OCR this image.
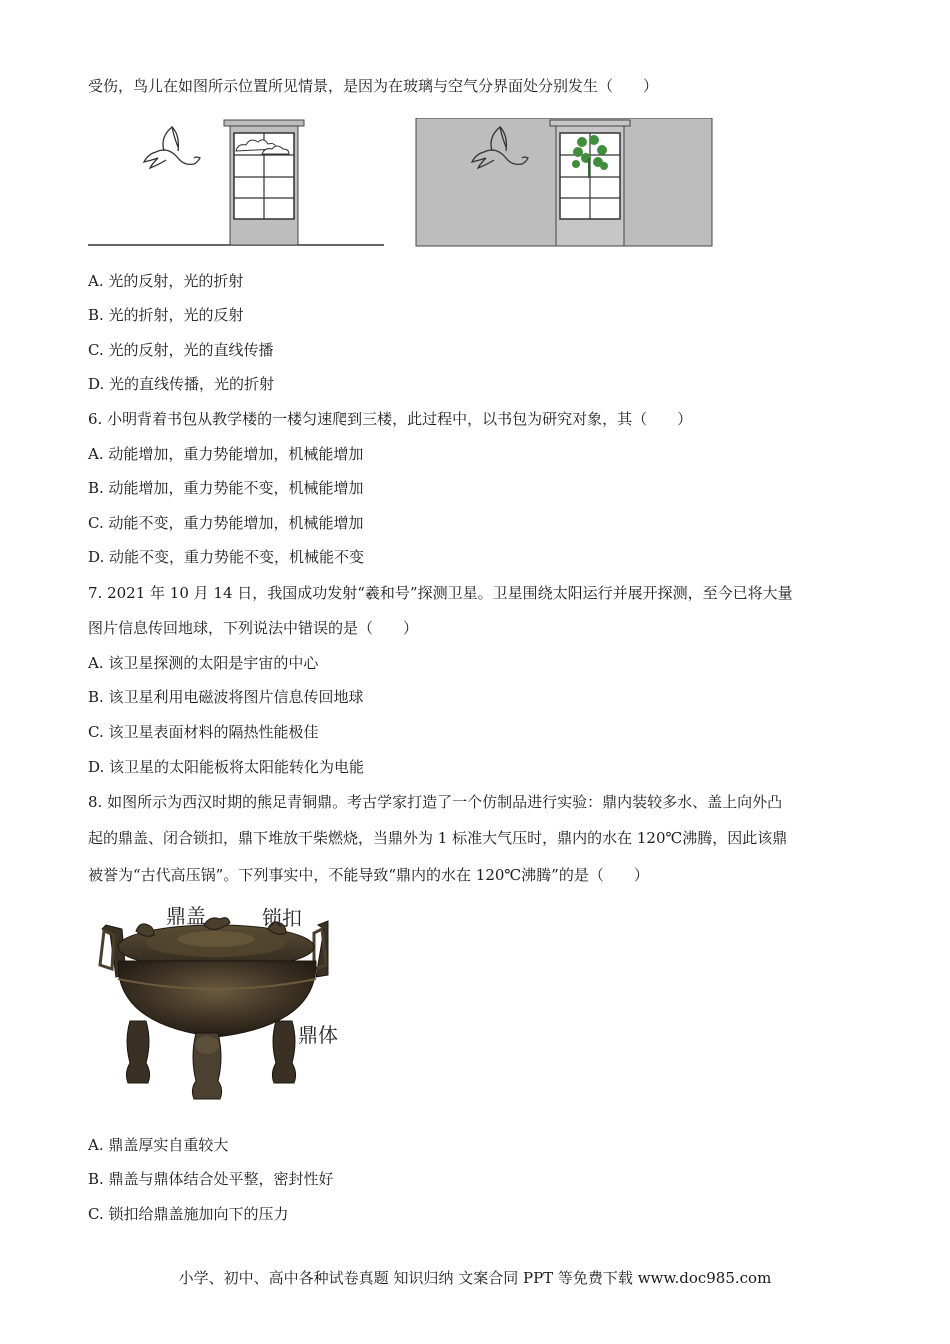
受伤，鸟儿在如图所示位置所见情景，是因为在玻璃与空气分界面处分别发生（　　）
A. 光的反射，光的折射
B. 光的折射，光的反射
C. 光的反射，光的直线传播
D. 光的直线传播，光的折射
6. 小明背着书包从教学楼的一楼匀速爬到三楼，此过程中，以书包为研究对象，其（　　）
A. 动能增加，重力势能增加，机械能增加
B. 动能增加，重力势能不变，机械能增加
C. 动能不变，重力势能增加，机械能增加
D. 动能不变，重力势能不变，机械能不变
7. 2021 年 10 月 14 日，我国成功发射“羲和号”探测卫星。卫星围绕太阳运行并展开探测，至今已将大量
图片信息传回地球，下列说法中错误的是（　　）
A. 该卫星探测的太阳是宇宙的中心
B. 该卫星利用电磁波将图片信息传回地球
C. 该卫星表面材料的隔热性能极佳
D. 该卫星的太阳能板将太阳能转化为电能
8. 如图所示为西汉时期的熊足青铜鼎。考古学家打造了一个仿制品进行实验：鼎内装较多水、盖上向外凸
起的鼎盖、闭合锁扣，鼎下堆放干柴燃烧，当鼎外为 1 标准大气压时，鼎内的水在 120℃沸腾，因此该鼎
被誉为“古代高压锅”。下列事实中，不能导致“鼎内的水在 120℃沸腾”的是（　　）
鼎盖	锁扣
鼎体
A. 鼎盖厚实自重较大
B. 鼎盖与鼎体结合处平整，密封性好
C. 锁扣给鼎盖施加向下的压力
小学、初中、高中各种试卷真题 知识归纳 文案合同 PPT 等免费下载 www.doc985.com
